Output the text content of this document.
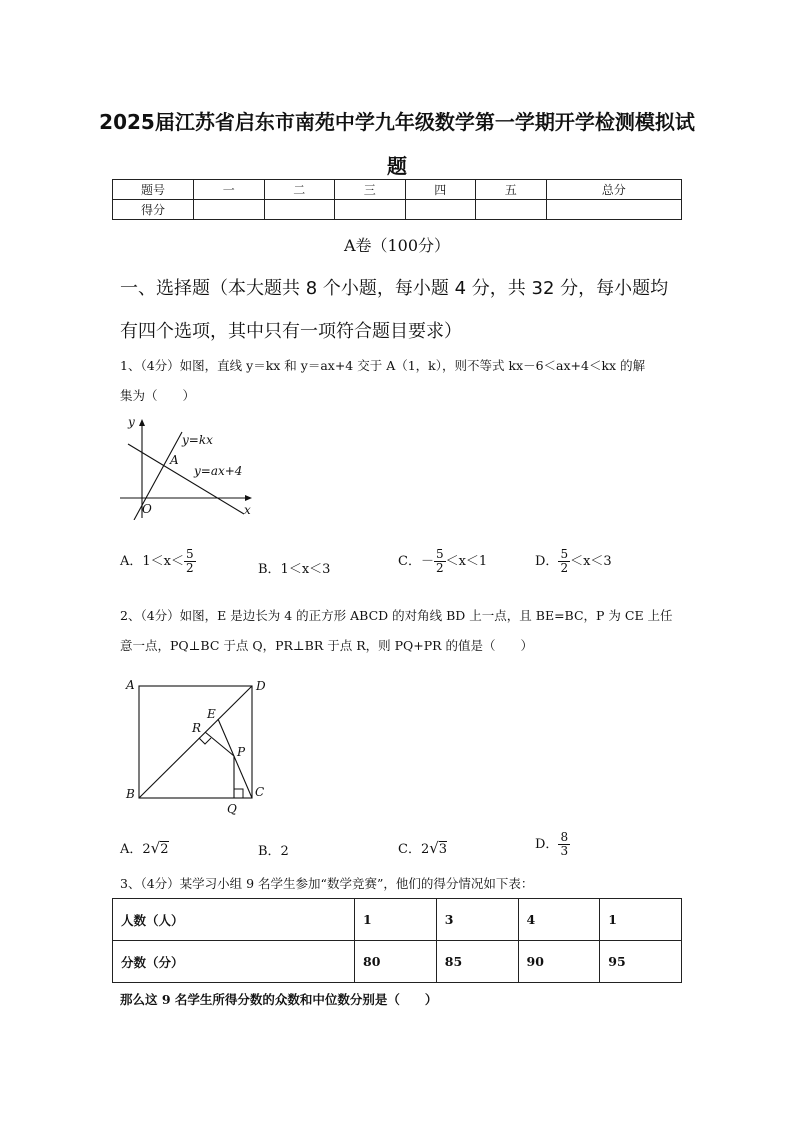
2025届江苏省启东市南苑中学九年级数学第一学期开学检测模拟试
题
题号	一	二	三	四	五	总分
得分						
A卷（100分）
一、选择题（本大题共 8 个小题，每小题 4 分，共 32 分，每小题均
有四个选项，其中只有一项符合题目要求）
1、（4分）如图，直线 y＝kx 和 y＝ax+4 交于 A（1，k），则不等式 kx－6＜ax+4＜kx 的解
集为（　　）
y
x
O
A
y=kx
y=ax+4
A．$1<x< \frac{5}{2}$	B．1＜x＜3
C．－ $\frac{5}{2} <x<1$	D． $\frac{5}{2} <x<3$
2、（4分）如图，E 是边长为 4 的正方形 ABCD 的对角线 BD 上一点，且 BE=BC，P 为 CE 上任
意一点，PQ⊥BC 于点 Q，PR⊥BR 于点 R，则 PQ+PR 的值是（　　）
A	D
B	C
E
R
P
Q
A．2√2	B．2	C．2√3	D． $\frac{8}{3}$
3、（4分）某学习小组 9 名学生参加“数学竞赛”，他们的得分情况如下表：
人数（人）	1	3	4	1
分数（分）	80	85	90	95
那么这 9 名学生所得分数的众数和中位数分别是（　　）
